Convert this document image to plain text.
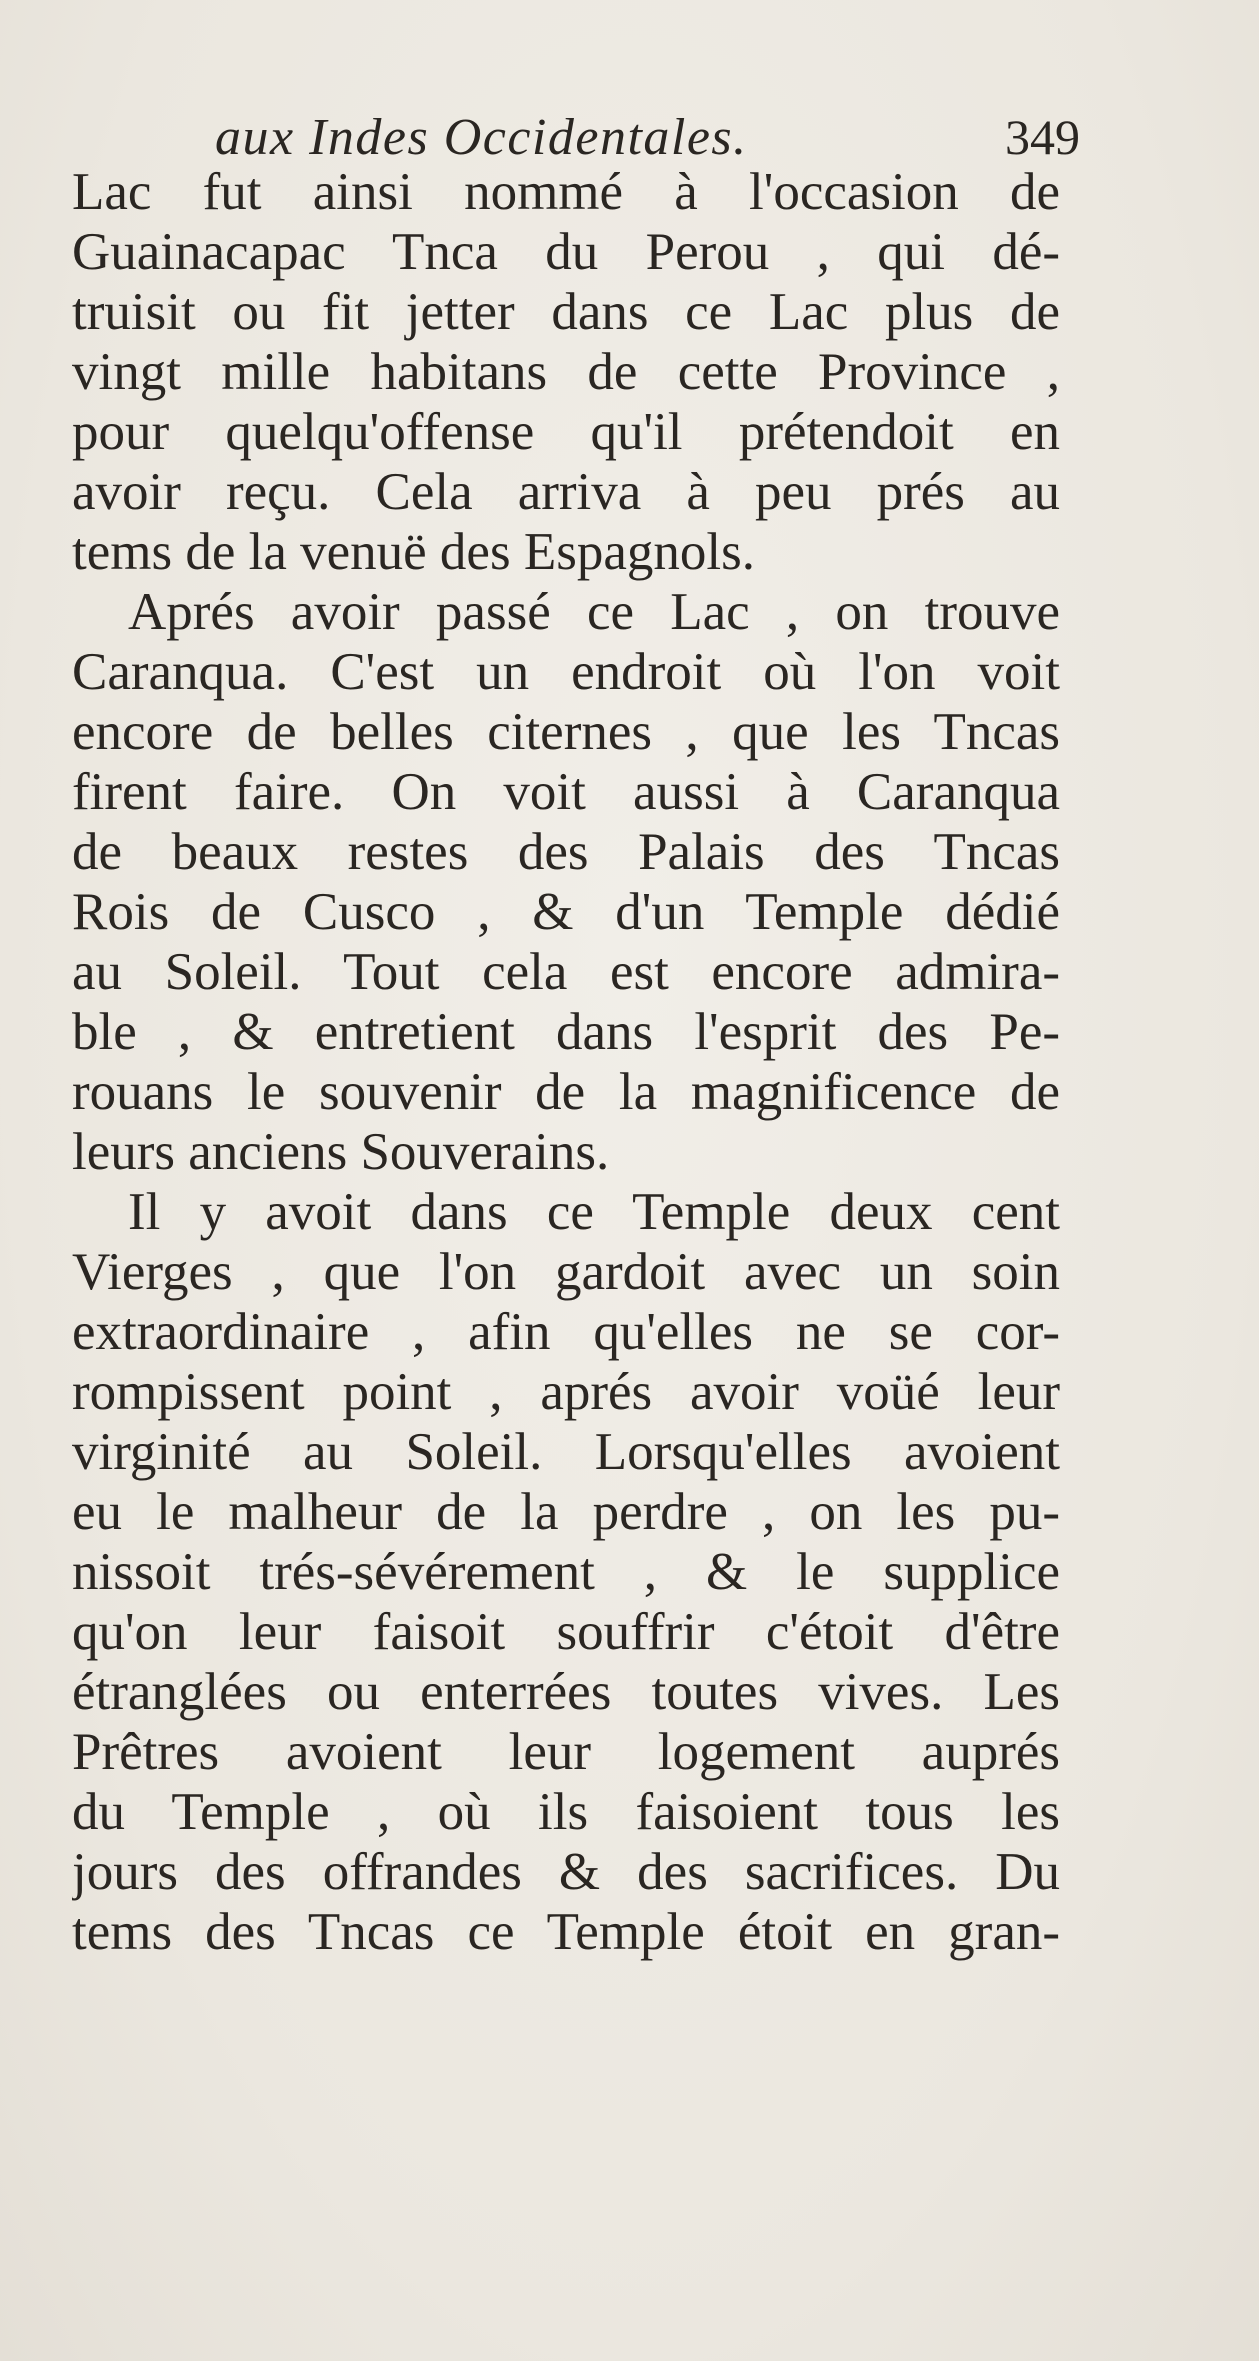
aux Indes Occidentales.	349
Lac fut ainsi nommé à l'occasion de
Guainacapac Tnca du Perou , qui dé-
truisit ou fit jetter dans ce Lac plus de
vingt mille habitans de cette Province ,
pour quelqu'offense qu'il prétendoit en
avoir reçu. Cela arriva à peu prés au
tems de la venuë des Espagnols.
Aprés avoir passé ce Lac , on trouve
Caranqua. C'est un endroit où l'on voit
encore de belles citernes , que les Tncas
firent faire. On voit aussi à Caranqua
de beaux restes des Palais des Tncas
Rois de Cusco , & d'un Temple dédié
au Soleil. Tout cela est encore admira-
ble , & entretient dans l'esprit des Pe-
rouans le souvenir de la magnificence de
leurs anciens Souverains.
Il y avoit dans ce Temple deux cent
Vierges , que l'on gardoit avec un soin
extraordinaire , afin qu'elles ne se cor-
rompissent point , aprés avoir voüé leur
virginité au Soleil. Lorsqu'elles avoient
eu le malheur de la perdre , on les pu-
nissoit trés-sévérement , & le supplice
qu'on leur faisoit souffrir c'étoit d'être
étranglées ou enterrées toutes vives. Les
Prêtres avoient leur logement auprés
du Temple , où ils faisoient tous les
jours des offrandes & des sacrifices. Du
tems des Tncas ce Temple étoit en gran-
